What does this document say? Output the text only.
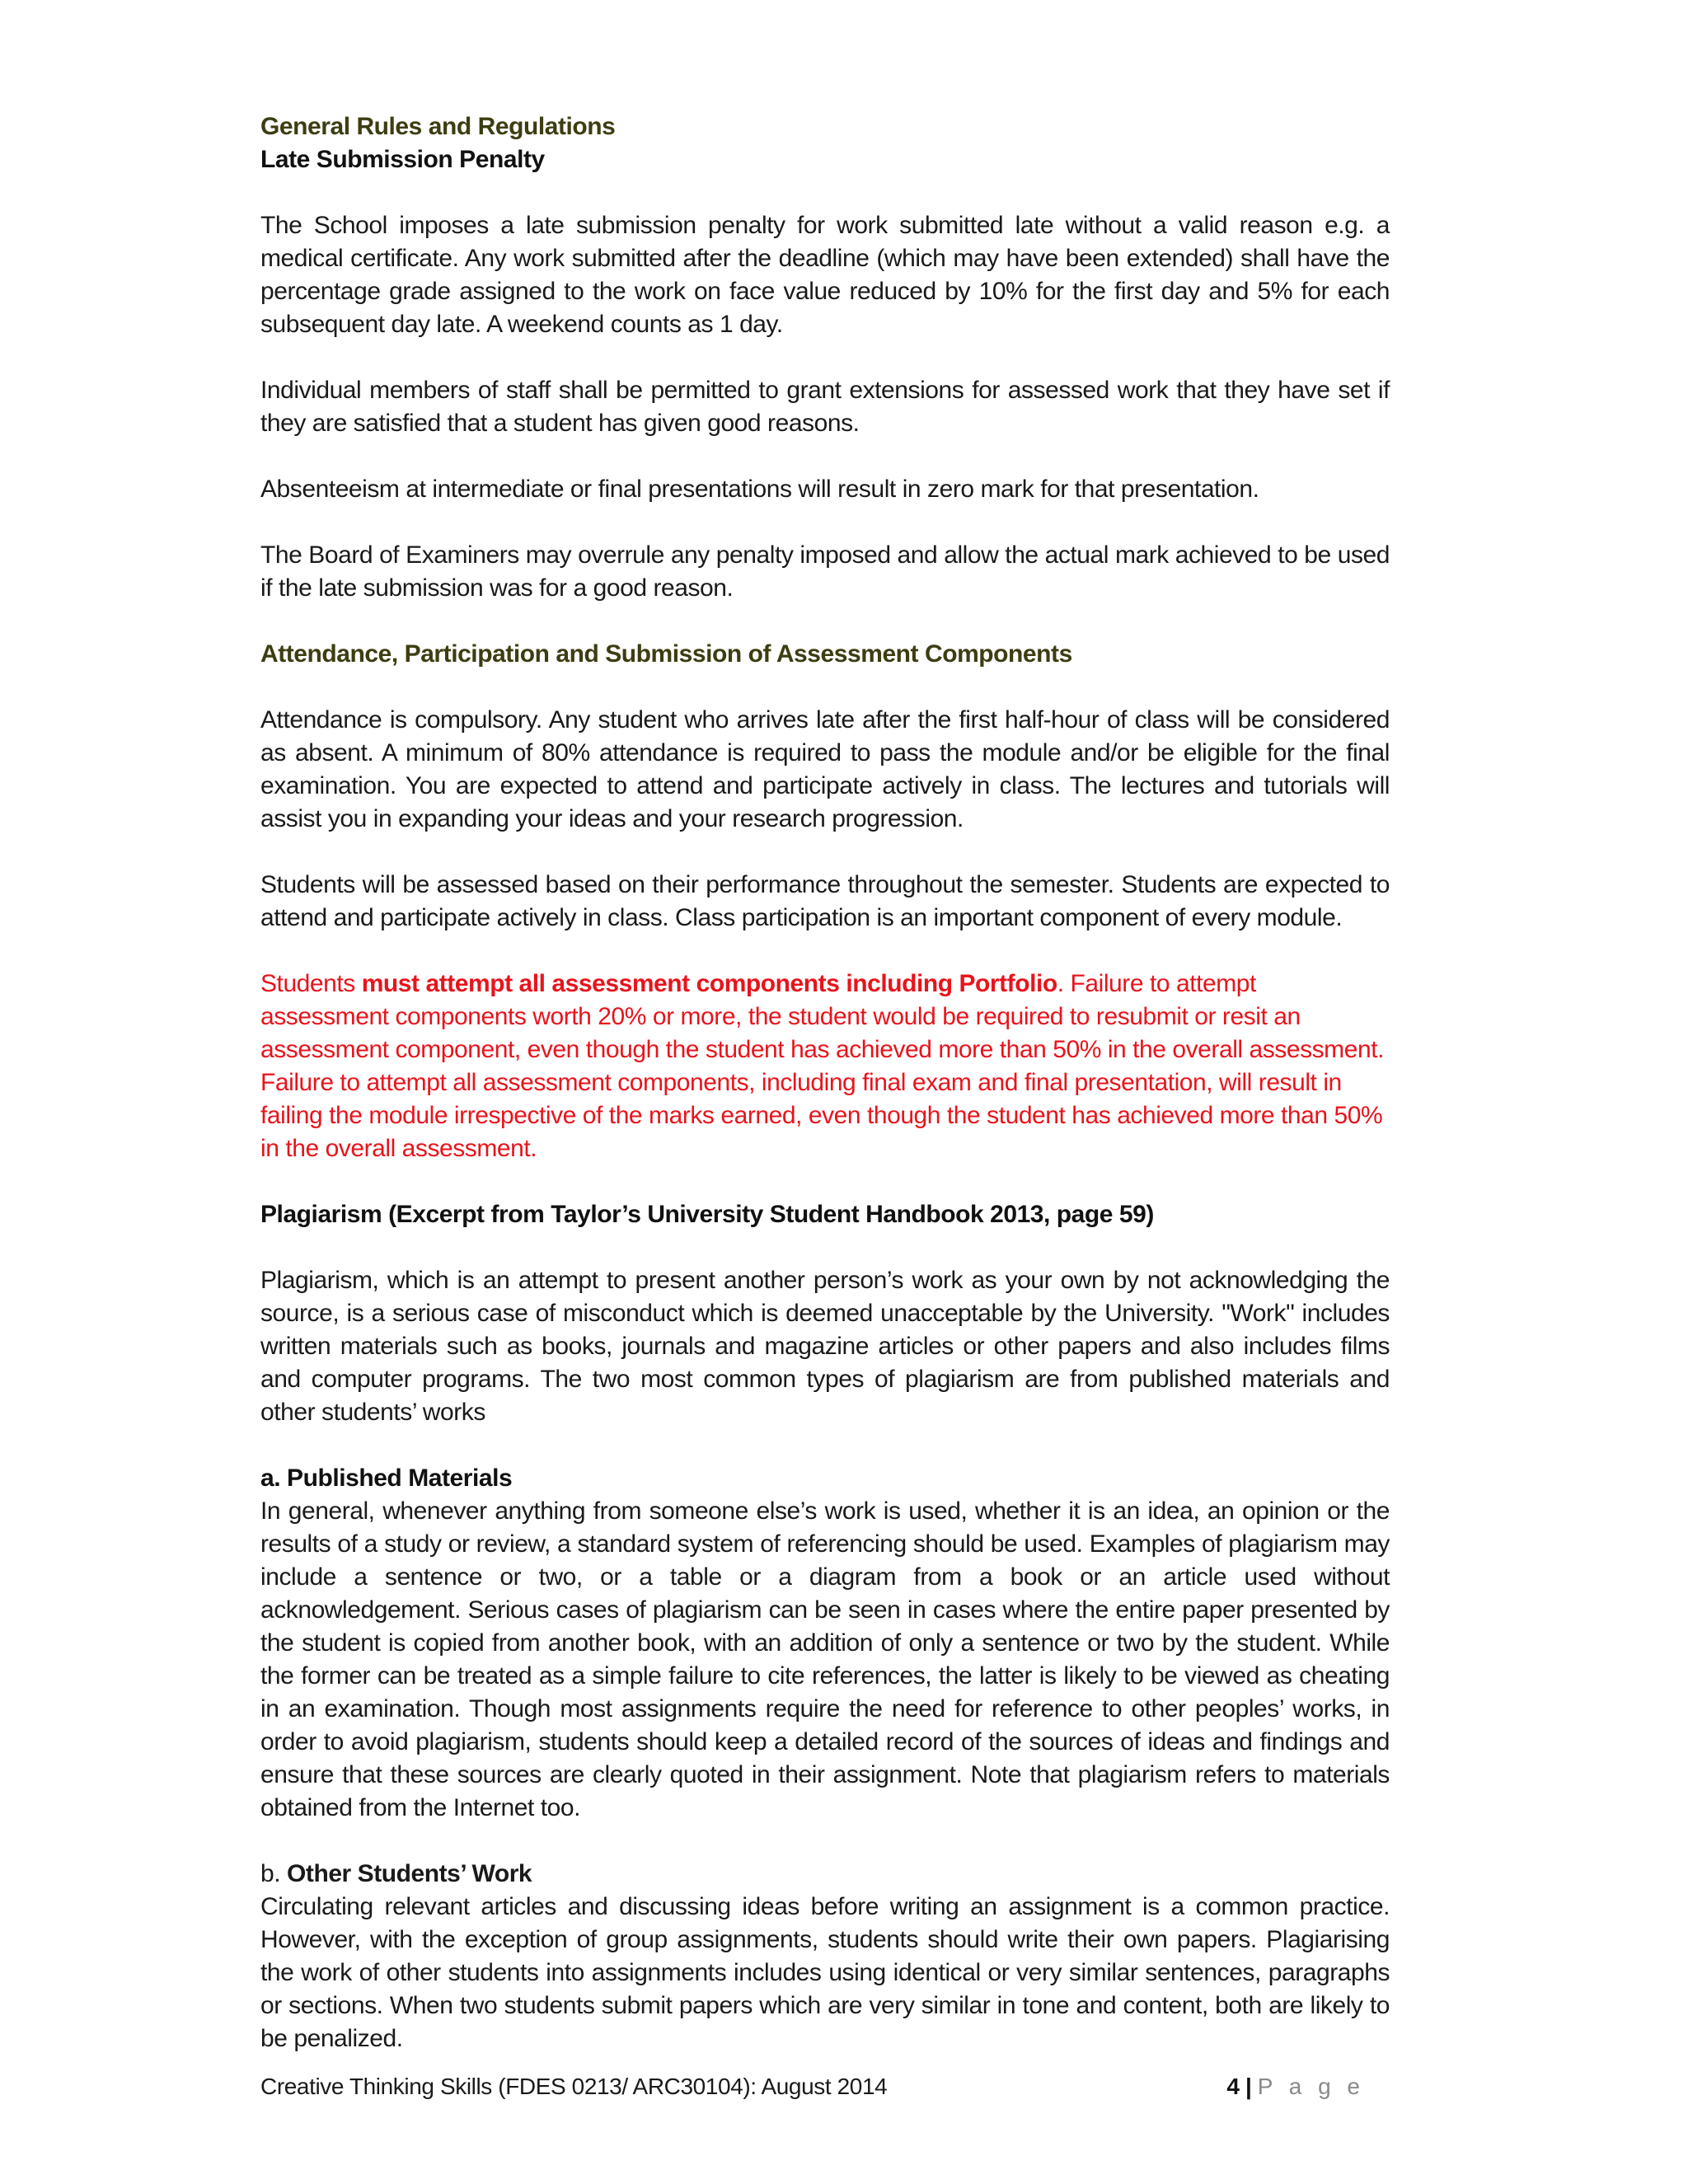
General Rules and Regulations
Late Submission Penalty

The School imposes a late submission penalty for work submitted late without a valid reason e.g. a medical certificate. Any work submitted after the deadline (which may have been extended) shall have the percentage grade assigned to the work on face value reduced by 10% for the first day and 5% for each subsequent day late. A weekend counts as 1 day.

Individual members of staff shall be permitted to grant extensions for assessed work that they have set if they are satisfied that a student has given good reasons.

Absenteeism at intermediate or final presentations will result in zero mark for that presentation.

The Board of Examiners may overrule any penalty imposed and allow the actual mark achieved to be used if the late submission was for a good reason.

Attendance, Participation and Submission of Assessment Components

Attendance is compulsory. Any student who arrives late after the first half-hour of class will be considered as absent. A minimum of 80% attendance is required to pass the module and/or be eligible for the final examination. You are expected to attend and participate actively in class. The lectures and tutorials will assist you in expanding your ideas and your research progression.

Students will be assessed based on their performance throughout the semester. Students are expected to attend and participate actively in class. Class participation is an important component of every module.

Students must attempt all assessment components including Portfolio. Failure to attempt assessment components worth 20% or more, the student would be required to resubmit or resit an assessment component, even though the student has achieved more than 50% in the overall assessment. Failure to attempt all assessment components, including final exam and final presentation, will result in failing the module irrespective of the marks earned, even though the student has achieved more than 50% in the overall assessment.

Plagiarism (Excerpt from Taylor’s University Student Handbook 2013, page 59)

Plagiarism, which is an attempt to present another person’s work as your own by not acknowledging the source, is a serious case of misconduct which is deemed unacceptable by the University. "Work" includes written materials such as books, journals and magazine articles or other papers and also includes films and computer programs. The two most common types of plagiarism are from published materials and other students’ works

a. Published Materials

In general, whenever anything from someone else’s work is used, whether it is an idea, an opinion or the results of a study or review, a standard system of referencing should be used. Examples of plagiarism may include a sentence or two, or a table or a diagram from a book or an article used without acknowledgement. Serious cases of plagiarism can be seen in cases where the entire paper presented by the student is copied from another book, with an addition of only a sentence or two by the student. While the former can be treated as a simple failure to cite references, the latter is likely to be viewed as cheating in an examination. Though most assignments require the need for reference to other peoples’ works, in order to avoid plagiarism, students should keep a detailed record of the sources of ideas and findings and ensure that these sources are clearly quoted in their assignment. Note that plagiarism refers to materials obtained from the Internet too.

b. Other Students’ Work

Circulating relevant articles and discussing ideas before writing an assignment is a common practice. However, with the exception of group assignments, students should write their own papers. Plagiarising the work of other students into assignments includes using identical or very similar sentences, paragraphs or sections. When two students submit papers which are very similar in tone and content, both are likely to be penalized.

Creative Thinking Skills (FDES 0213/ ARC30104): August 2014	4 | P a g e
